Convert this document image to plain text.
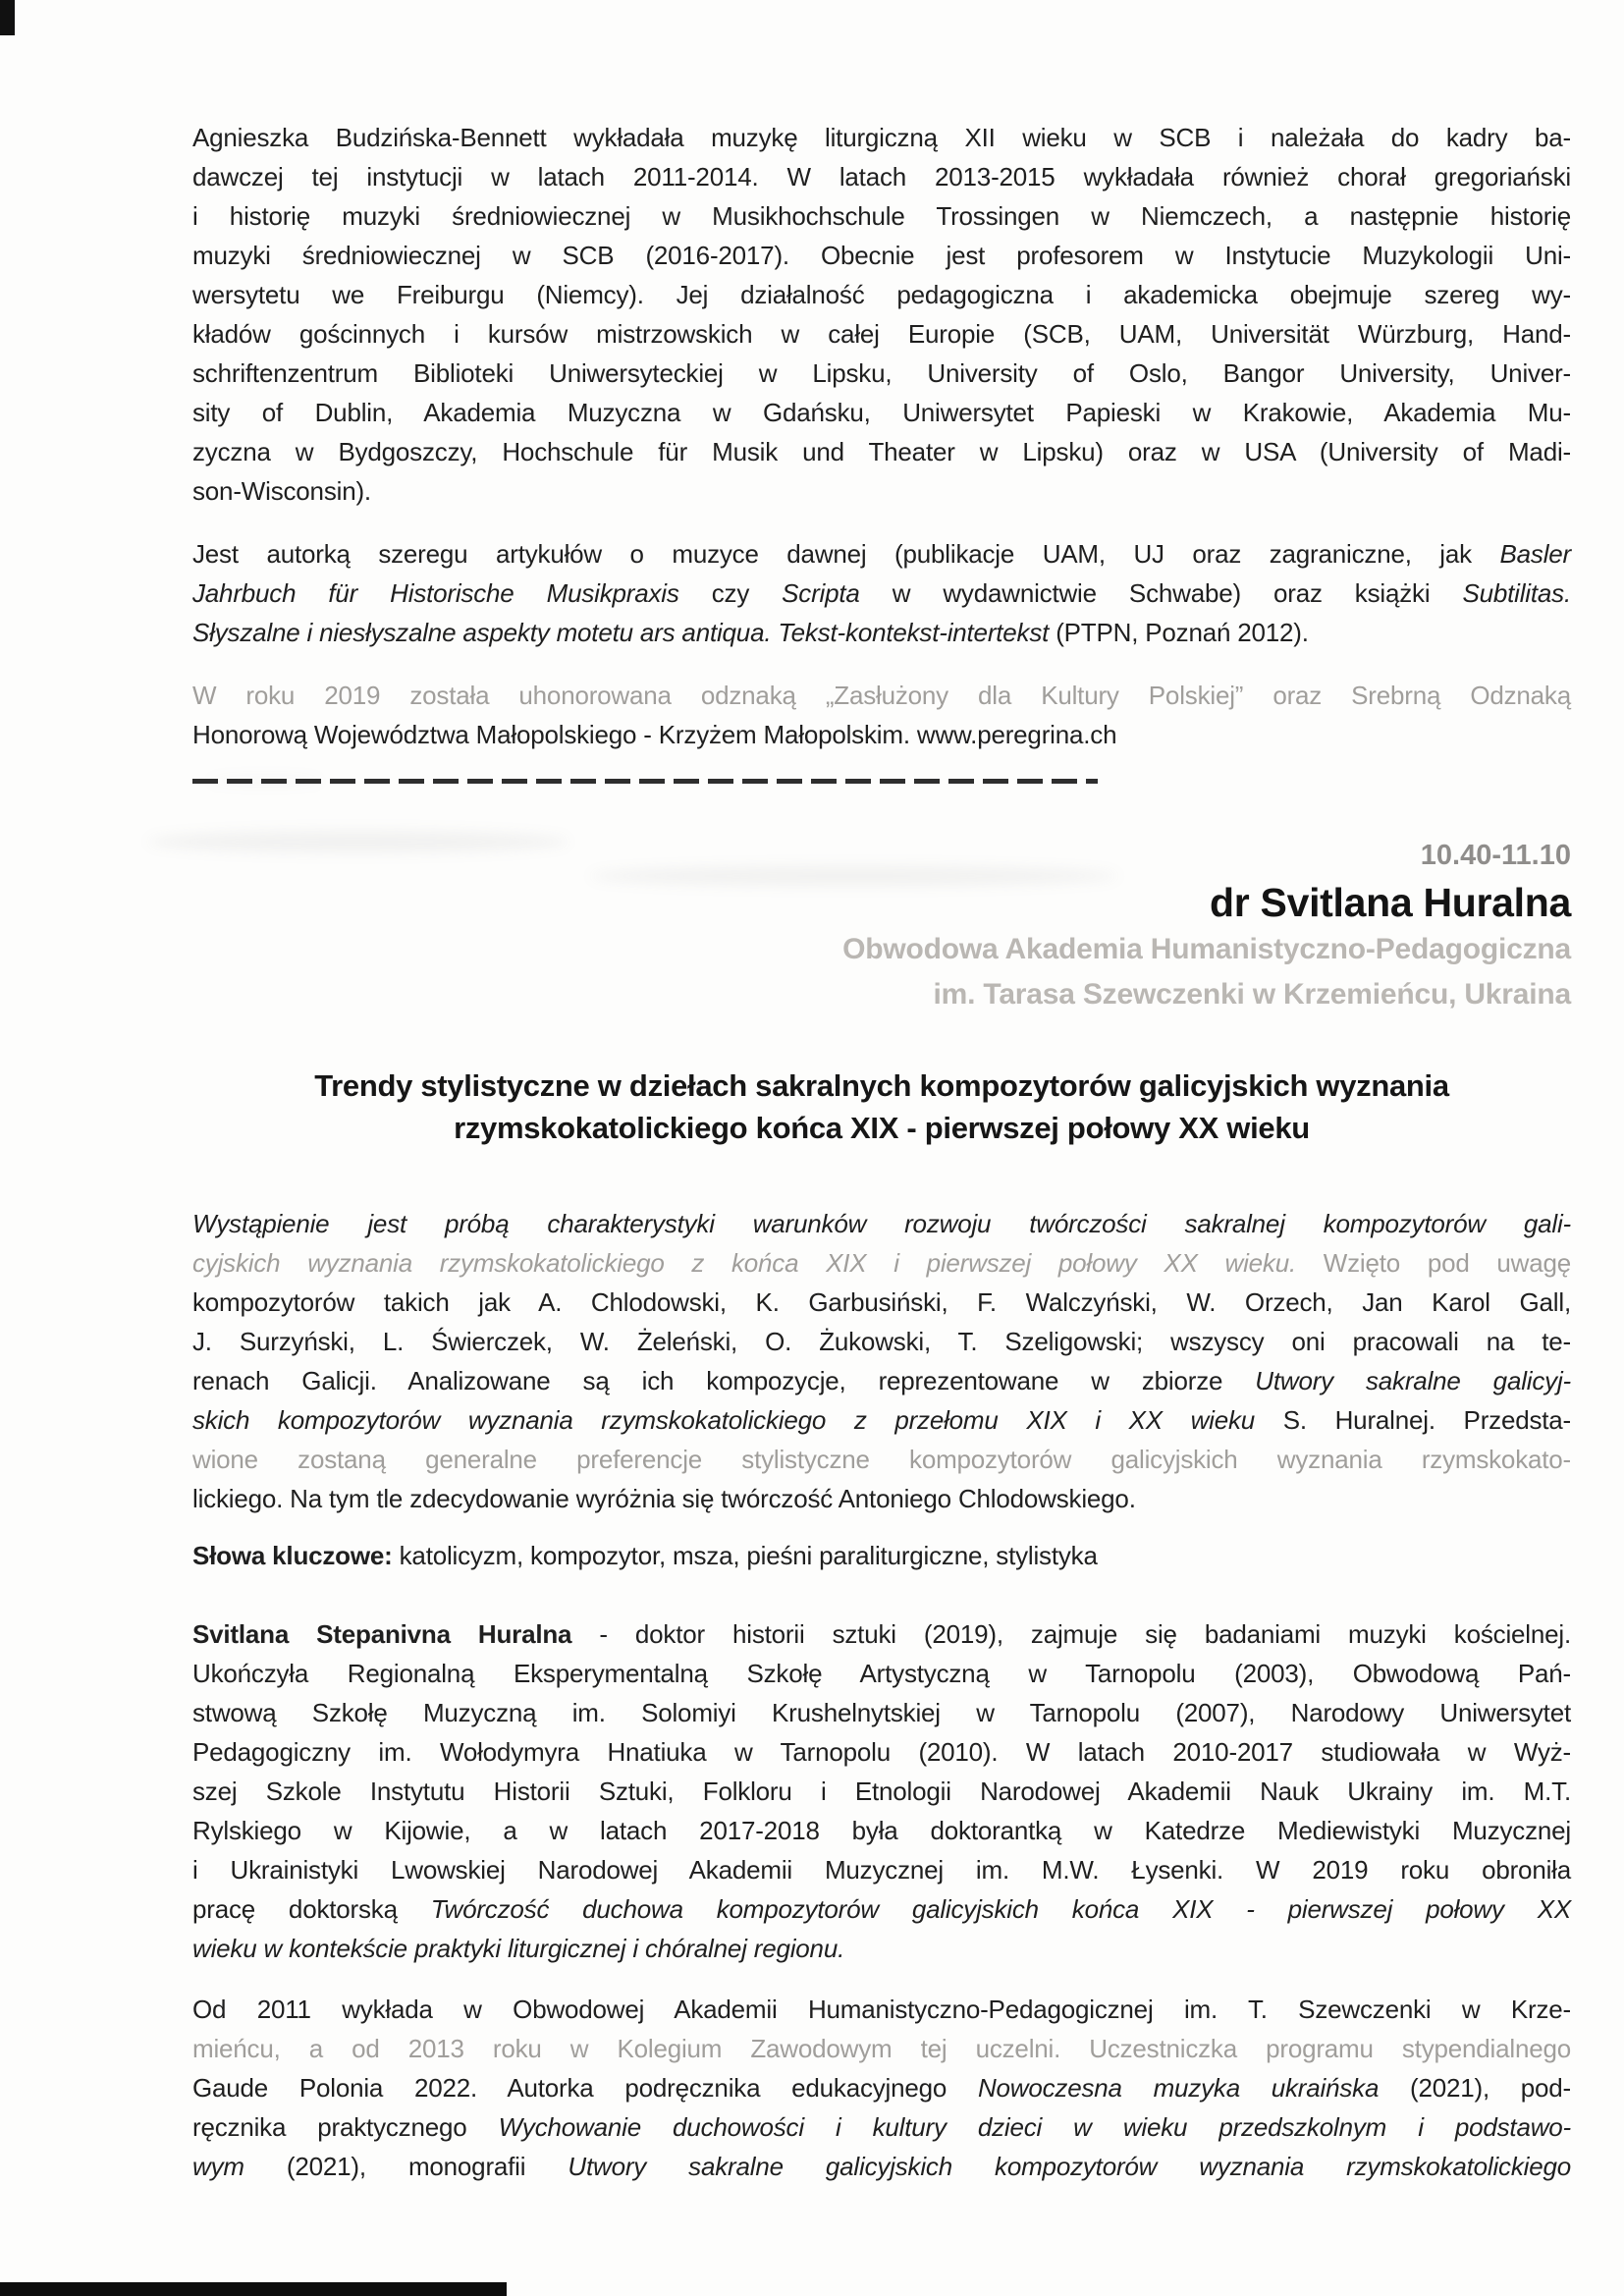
Agnieszka Budzińska-Bennett wykładała muzykę liturgiczną XII wieku w SCB i należała do kadry ba-
dawczej tej instytucji w latach 2011-2014. W latach 2013-2015 wykładała również chorał gregoriański
i historię muzyki średniowiecznej w Musikhochschule Trossingen w Niemczech, a następnie historię
muzyki średniowiecznej w SCB (2016-2017). Obecnie jest profesorem w Instytucie Muzykologii Uni-
wersytetu we Freiburgu (Niemcy). Jej działalność pedagogiczna i akademicka obejmuje szereg wy-
kładów gościnnych i kursów mistrzowskich w całej Europie (SCB, UAM, Universität Würzburg, Hand-
schriftenzentrum Biblioteki Uniwersyteckiej w Lipsku, University of Oslo, Bangor University, Univer-
sity of Dublin, Akademia Muzyczna w Gdańsku, Uniwersytet Papieski w Krakowie, Akademia Mu-
zyczna w Bydgoszczy, Hochschule für Musik und Theater w Lipsku) oraz w USA (University of Madi-
son-Wisconsin).
Jest autorką szeregu artykułów o muzyce dawnej (publikacje UAM, UJ oraz zagraniczne, jak Basler
Jahrbuch für Historische Musikpraxis czy Scripta w wydawnictwie Schwabe) oraz książki Subtilitas.
Słyszalne i niesłyszalne aspekty motetu ars antiqua. Tekst-kontekst-intertekst (PTPN, Poznań 2012).
W roku 2019 została uhonorowana odznaką „Zasłużony dla Kultury Polskiej” oraz Srebrną Odznaką
Honorową Województwa Małopolskiego - Krzyżem Małopolskim. www.peregrina.ch
10.40-11.10
dr Svitlana Huralna
Obwodowa Akademia Humanistyczno-Pedagogiczna
im. Tarasa Szewczenki w Krzemieńcu, Ukraina
Trendy stylistyczne w dziełach sakralnych kompozytorów galicyjskich wyznania
rzymskokatolickiego końca XIX - pierwszej połowy XX wieku
Wystąpienie jest próbą charakterystyki warunków rozwoju twórczości sakralnej kompozytorów gali-
cyjskich wyznania rzymskokatolickiego z końca XIX i pierwszej połowy XX wieku. Wzięto pod uwagę
kompozytorów takich jak A. Chlodowski, K. Garbusiński, F. Walczyński, W. Orzech, Jan Karol Gall,
J. Surzyński, L. Świerczek, W. Żeleński, O. Żukowski, T. Szeligowski; wszyscy oni pracowali na te-
renach Galicji. Analizowane są ich kompozycje, reprezentowane w zbiorze Utwory sakralne galicyj-
skich kompozytorów wyznania rzymskokatolickiego z przełomu XIX i XX wieku S. Huralnej. Przedsta-
wione zostaną generalne preferencje stylistyczne kompozytorów galicyjskich wyznania rzymskokato-
lickiego. Na tym tle zdecydowanie wyróżnia się twórczość Antoniego Chlodowskiego.
Słowa kluczowe: katolicyzm, kompozytor, msza, pieśni paraliturgiczne, stylistyka
Svitlana Stepanivna Huralna - doktor historii sztuki (2019), zajmuje się badaniami muzyki kościelnej.
Ukończyła Regionalną Eksperymentalną Szkołę Artystyczną w Tarnopolu (2003), Obwodową Pań-
stwową Szkołę Muzyczną im. Solomiyi Krushelnytskiej w Tarnopolu (2007), Narodowy Uniwersytet
Pedagogiczny im. Wołodymyra Hnatiuka w Tarnopolu (2010). W latach 2010-2017 studiowała w Wyż-
szej Szkole Instytutu Historii Sztuki, Folkloru i Etnologii Narodowej Akademii Nauk Ukrainy im. M.T.
Rylskiego w Kijowie, a w latach 2017-2018 była doktorantką w Katedrze Mediewistyki Muzycznej
i Ukrainistyki Lwowskiej Narodowej Akademii Muzycznej im. M.W. Łysenki. W 2019 roku obroniła
pracę doktorską Twórczość duchowa kompozytorów galicyjskich końca XIX - pierwszej połowy XX
wieku w kontekście praktyki liturgicznej i chóralnej regionu.
Od 2011 wykłada w Obwodowej Akademii Humanistyczno-Pedagogicznej im. T. Szewczenki w Krze-
mieńcu, a od 2013 roku w Kolegium Zawodowym tej uczelni. Uczestniczka programu stypendialnego
Gaude Polonia 2022. Autorka podręcznika edukacyjnego Nowoczesna muzyka ukraińska (2021), pod-
ręcznika praktycznego Wychowanie duchowości i kultury dzieci w wieku przedszkolnym i podstawo-
wym (2021), monografii Utwory sakralne galicyjskich kompozytorów wyznania rzymskokatolickiego
